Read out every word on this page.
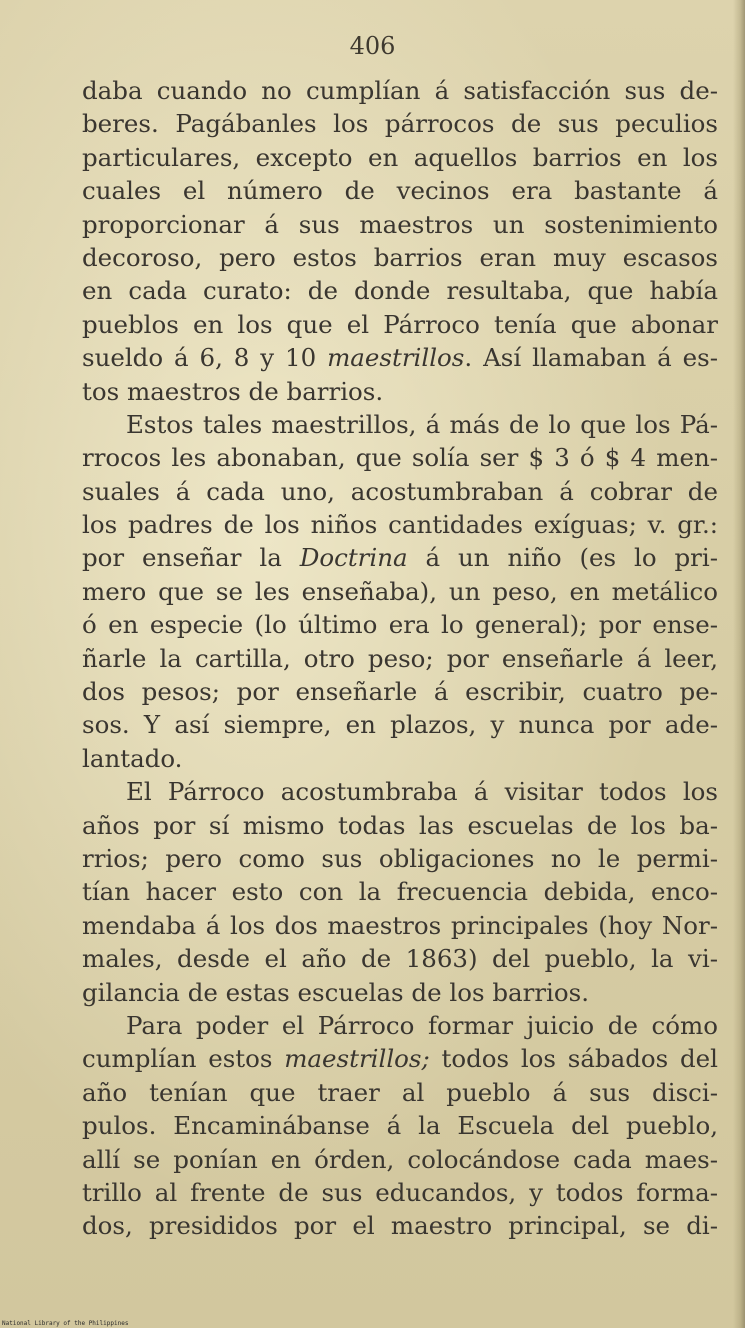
406
daba cuando no cumplían á satisfacción sus de-
beres. Pagábanles los párrocos de sus peculios
particulares, excepto en aquellos barrios en los
cuales el número de vecinos era bastante á
proporcionar á sus maestros un sostenimiento
decoroso, pero estos barrios eran muy escasos
en cada curato: de donde resultaba, que había
pueblos en los que el Párroco tenía que abonar
sueldo á 6, 8 y 10 maestrillos. Así llamaban á es-
tos maestros de barrios.
Estos tales maestrillos, á más de lo que los Pá-
rrocos les abonaban, que solía ser $ 3 ó $ 4 men-
suales á cada uno, acostumbraban á cobrar de
los padres de los niños cantidades exíguas; v. gr.:
por enseñar la Doctrina á un niño (es lo pri-
mero que se les enseñaba), un peso, en metálico
ó en especie (lo último era lo general); por ense-
ñarle la cartilla, otro peso; por enseñarle á leer,
dos pesos; por enseñarle á escribir, cuatro pe-
sos. Y así siempre, en plazos, y nunca por ade-
lantado.
El Párroco acostumbraba á visitar todos los
años por sí mismo todas las escuelas de los ba-
rrios; pero como sus obligaciones no le permi-
tían hacer esto con la frecuencia debida, enco-
mendaba á los dos maestros principales (hoy Nor-
males, desde el año de 1863) del pueblo, la vi-
gilancia de estas escuelas de los barrios.
Para poder el Párroco formar juicio de cómo
cumplían estos maestrillos; todos los sábados del
año tenían que traer al pueblo á sus disci-
pulos. Encaminábanse á la Escuela del pueblo,
allí se ponían en órden, colocándose cada maes-
trillo al frente de sus educandos, y todos forma-
dos, presididos por el maestro principal, se di-
National Library of the Philippines
